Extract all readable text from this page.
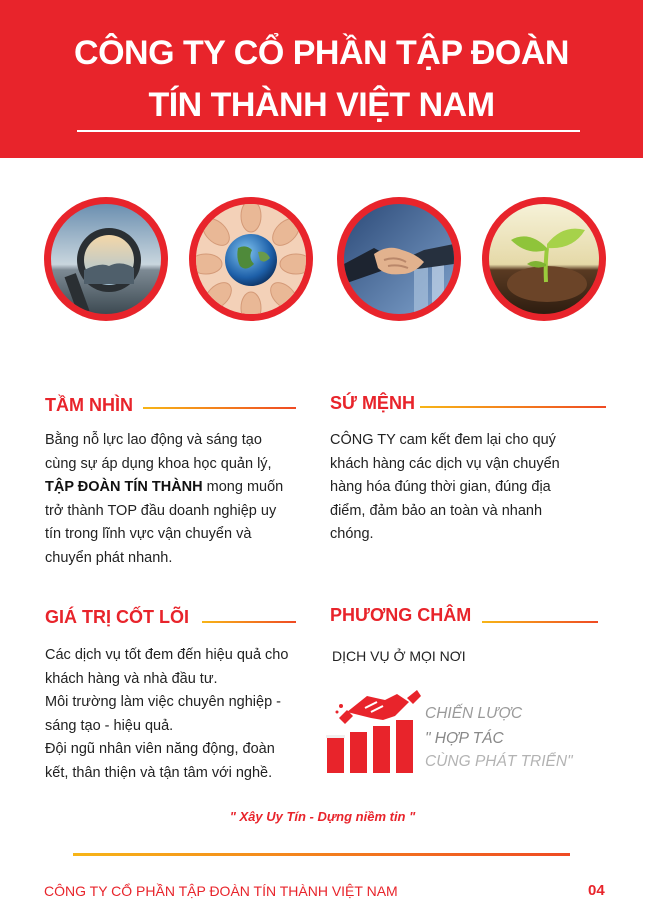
CÔNG TY CỔ PHẦN TẬP ĐOÀN
TÍN THÀNH VIỆT NAM
TẦM NHÌN
Bằng nỗ lực lao động và sáng tạo
cùng sự áp dụng khoa học quản lý,
TẬP ĐOÀN TÍN THÀNH mong muốn
trở thành TOP đầu doanh nghiệp uy
tín trong lĩnh vực vận chuyển và
chuyển phát nhanh.
SỨ MỆNH
CÔNG TY cam kết đem lại cho quý
khách hàng các dịch vụ vận chuyển
hàng hóa đúng thời gian, đúng địa
điểm, đảm bảo an toàn và nhanh
chóng.
GIÁ TRỊ CỐT LÕI
Các dịch vụ tốt đem đến hiệu quả cho
khách hàng và nhà đầu tư.
Môi trường làm việc chuyên nghiệp -
sáng tạo - hiệu quả.
Đội ngũ nhân viên năng động, đoàn
kết, thân thiện và tận tâm với nghề.
PHƯƠNG CHÂM
DỊCH VỤ Ở MỌI NƠI
CHIẾN LƯỢC
" HỢP TÁC
CÙNG PHÁT TRIỂN"
" Xây Uy Tín - Dựng niềm tin "
CÔNG TY CỔ PHẦN TẬP ĐOÀN TÍN THÀNH VIỆT NAM	04
